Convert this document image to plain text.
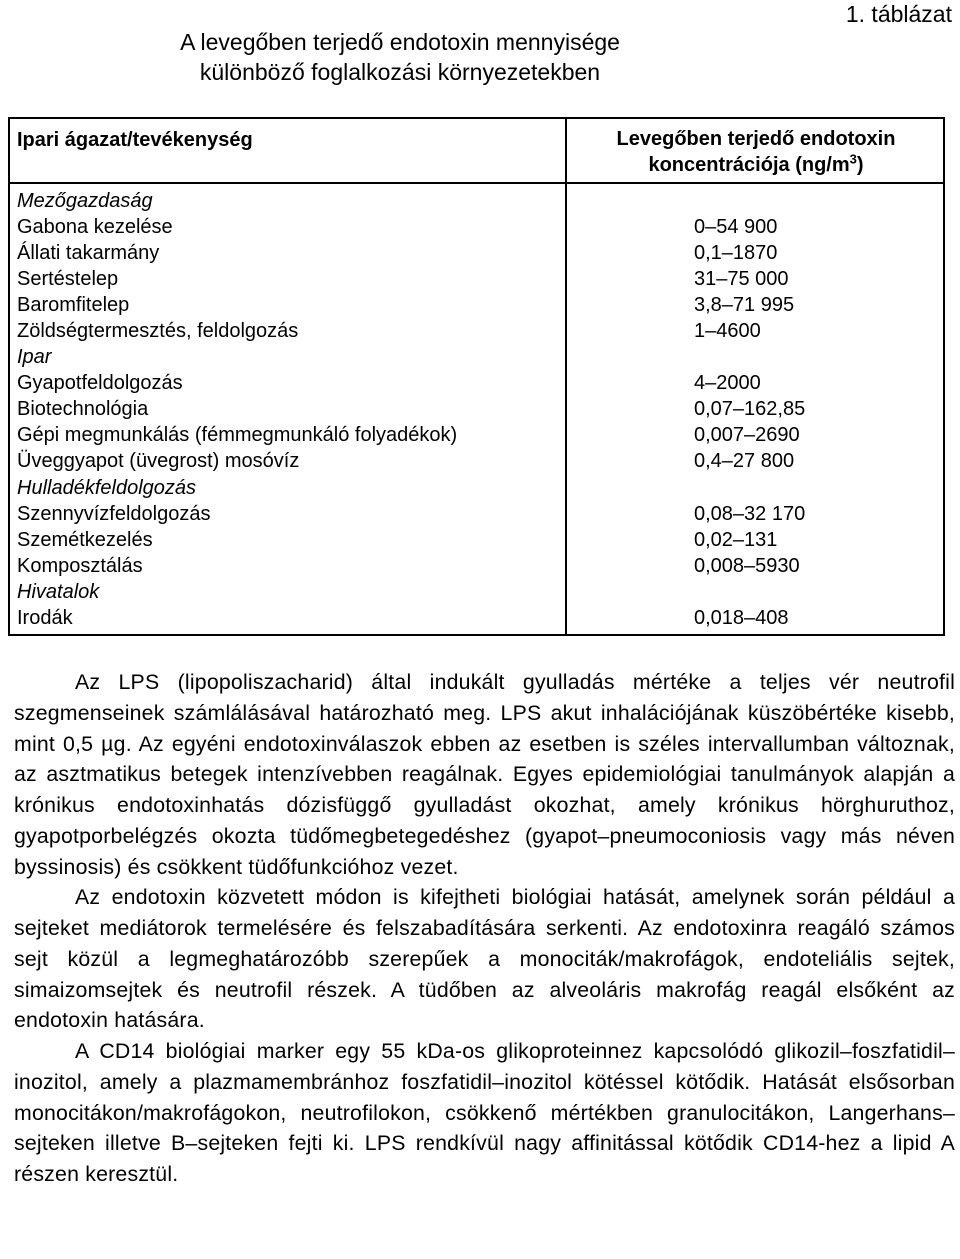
1. táblázat
A levegőben terjedő endotoxin mennyisége
különböző foglalkozási környezetekben
Ipari ágazat/tevékenység	Levegőben terjedő endotoxin
koncentrációja $(ng/m^3)$
Mezőgazdaság
Gabona kezelése	0–54 900
Állati takarmány	0,1–1870
Sertéstelep	31–75 000
Baromfitelep	3,8–71 995
Zöldségtermesztés, feldolgozás	1–4600
Ipar
Gyapotfeldolgozás	4–2000
Biotechnológia	0,07–162,85
Gépi megmunkálás (fémmegmunkáló folyadékok)	0,007–2690
Üveggyapot (üvegrost) mosóvíz	0,4–27 800
Hulladékfeldolgozás
Szennyvízfeldolgozás	0,08–32 170
Szemétkezelés	0,02–131
Komposztálás	0,008–5930
Hivatalok
Irodák	0,018–408

Az LPS (lipopoliszacharid) által indukált gyulladás mértéke a teljes vér neutrofil szegmenseinek számlálásával határozható meg. LPS akut inhalációjának küszöbértéke kisebb, mint 0,5 µg. Az egyéni endotoxinválaszok ebben az esetben is széles intervallumban változnak, az asztmatikus betegek intenzívebben reagálnak. Egyes epidemiológiai tanulmányok alapján a krónikus endotoxinhatás dózisfüggő gyulladást okozhat, amely krónikus hörghuruthoz, gyapotporbelégzés okozta tüdőmegbetegedéshez (gyapot–pneumoconiosis vagy más néven byssinosis) és csökkent tüdőfunkcióhoz vezet.

Az endotoxin közvetett módon is kifejtheti biológiai hatását, amelynek során például a sejteket mediátorok termelésére és felszabadítására serkenti. Az endotoxinra reagáló számos sejt közül a legmeghatározóbb szerepűek a monociták/makrofágok, endoteliális sejtek, simaizomsejtek és neutrofil részek. A tüdőben az alveoláris makrofág reagál elsőként az endotoxin hatására.

A CD14 biológiai marker egy 55 kDa-os glikoproteinnez kapcsolódó glikozil–foszfatidil–inozitol, amely a plazmamembránhoz foszfatidil–inozitol kötéssel kötődik. Hatását elsősorban monocitákon/makrofágokon, neutrofilokon, csökkenő mértékben granulocitákon, Langerhans–sejteken illetve B–sejteken fejti ki. LPS rendkívül nagy affinitással kötődik CD14-hez a lipid A részen keresztül.
